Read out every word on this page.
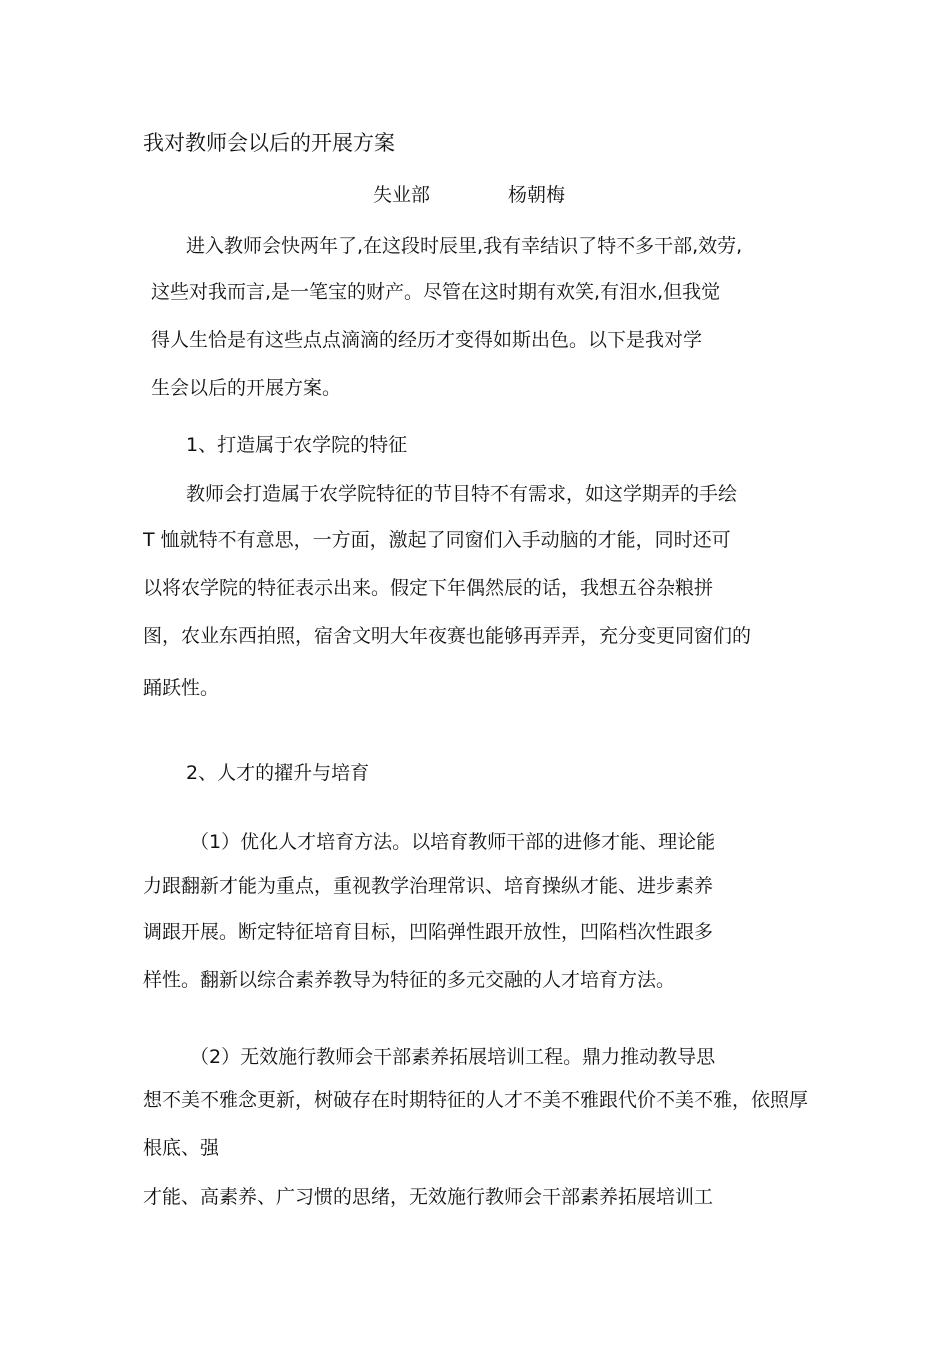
我对教师会以后的开展方案
失业部	杨朝梅
进入教师会快两年了,在这段时辰里,我有幸结识了特不多干部,效劳,
这些对我而言,是一笔宝的财产。尽管在这时期有欢笑,有泪水,但我觉
得人生恰是有这些点点滴滴的经历才变得如斯出色。以下是我对学
生会以后的开展方案。
1、打造属于农学院的特征
教师会打造属于农学院特征的节目特不有需求，如这学期弄的手绘
T 恤就特不有意思，一方面，激起了同窗们入手动脑的才能，同时还可
以将农学院的特征表示出来。假定下年偶然辰的话，我想五谷杂粮拼
图，农业东西拍照，宿舍文明大年夜赛也能够再弄弄，充分变更同窗们的
踊跃性。
2、人才的擢升与培育
（1）优化人才培育方法。以培育教师干部的进修才能、理论能
力跟翻新才能为重点，重视教学治理常识、培育操纵才能、进步素养
调跟开展。断定特征培育目标，凹陷弹性跟开放性，凹陷档次性跟多
样性。翻新以综合素养教导为特征的多元交融的人才培育方法。
（2）无效施行教师会干部素养拓展培训工程。鼎力推动教导思
想不美不雅念更新，树破存在时期特征的人才不美不雅跟代价不美不雅，依照厚
根底、强
才能、高素养、广习惯的思绪，无效施行教师会干部素养拓展培训工
